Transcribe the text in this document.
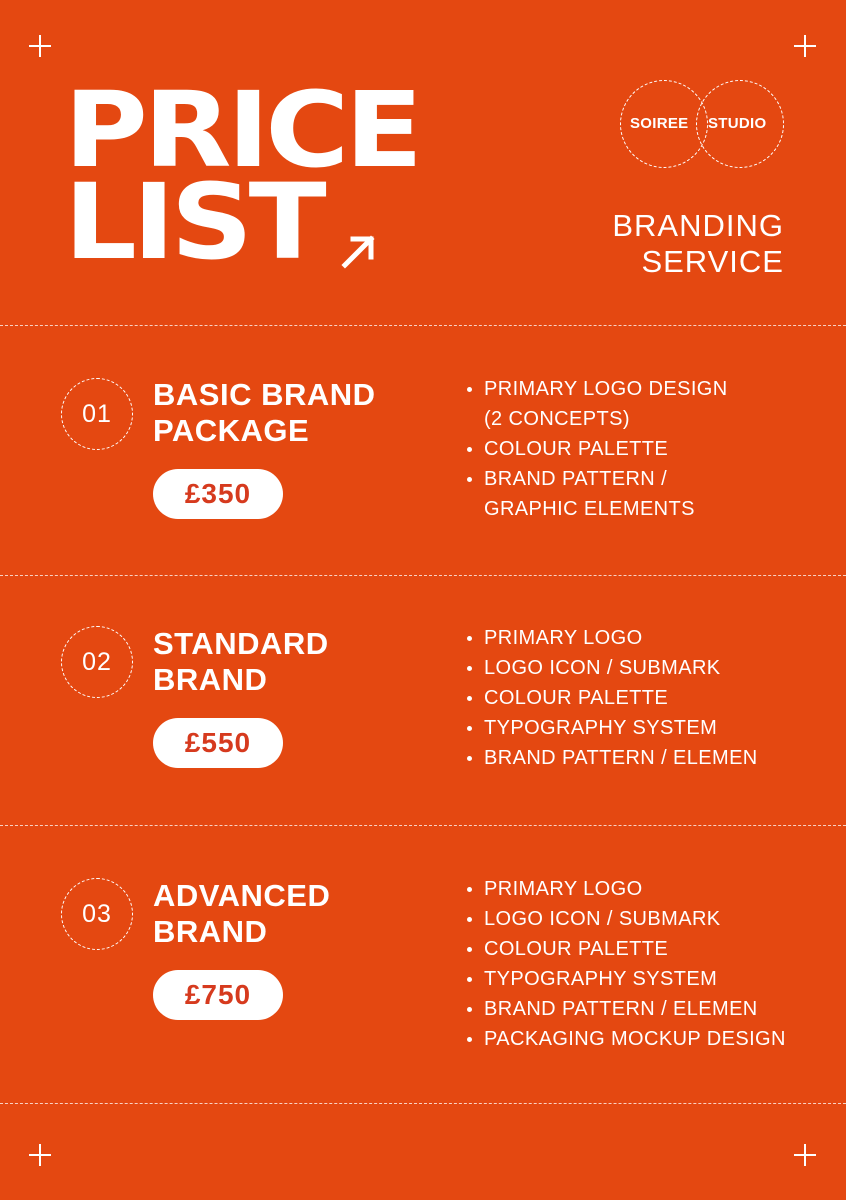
PRICE
LIST
SOIREE STUDIO
BRANDING
SERVICE
01
BASIC BRAND
PACKAGE
£350
PRIMARY LOGO DESIGN
(2 CONCEPTS)
COLOUR PALETTE
BRAND PATTERN /
GRAPHIC ELEMENTS
02
STANDARD
BRAND
£550
PRIMARY LOGO
LOGO ICON / SUBMARK
COLOUR PALETTE
TYPOGRAPHY SYSTEM
BRAND PATTERN / ELEMEN
03
ADVANCED
BRAND
£750
PRIMARY LOGO
LOGO ICON / SUBMARK
COLOUR PALETTE
TYPOGRAPHY SYSTEM
BRAND PATTERN / ELEMEN
PACKAGING MOCKUP DESIGN
